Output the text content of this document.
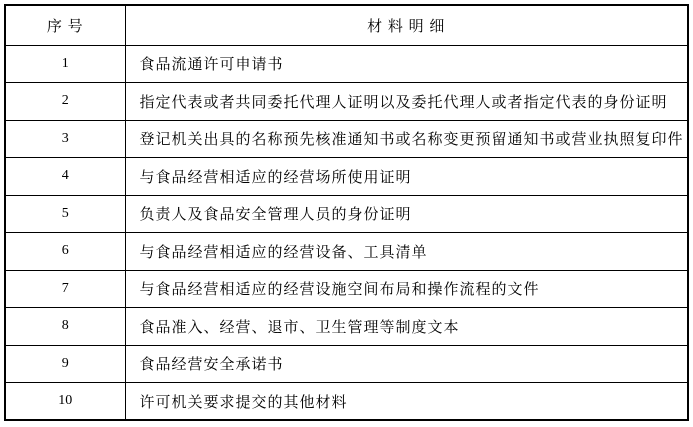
序 号	材 料 明 细
1	食品流通许可申请书
2	指定代表或者共同委托代理人证明以及委托代理人或者指定代表的身份证明
3	登记机关出具的名称预先核准通知书或名称变更预留通知书或营业执照复印件
4	与食品经营相适应的经营场所使用证明
5	负责人及食品安全管理人员的身份证明
6	与食品经营相适应的经营设备、工具清单
7	与食品经营相适应的经营设施空间布局和操作流程的文件
8	食品准入、经营、退市、卫生管理等制度文本
9	食品经营安全承诺书
10	许可机关要求提交的其他材料
